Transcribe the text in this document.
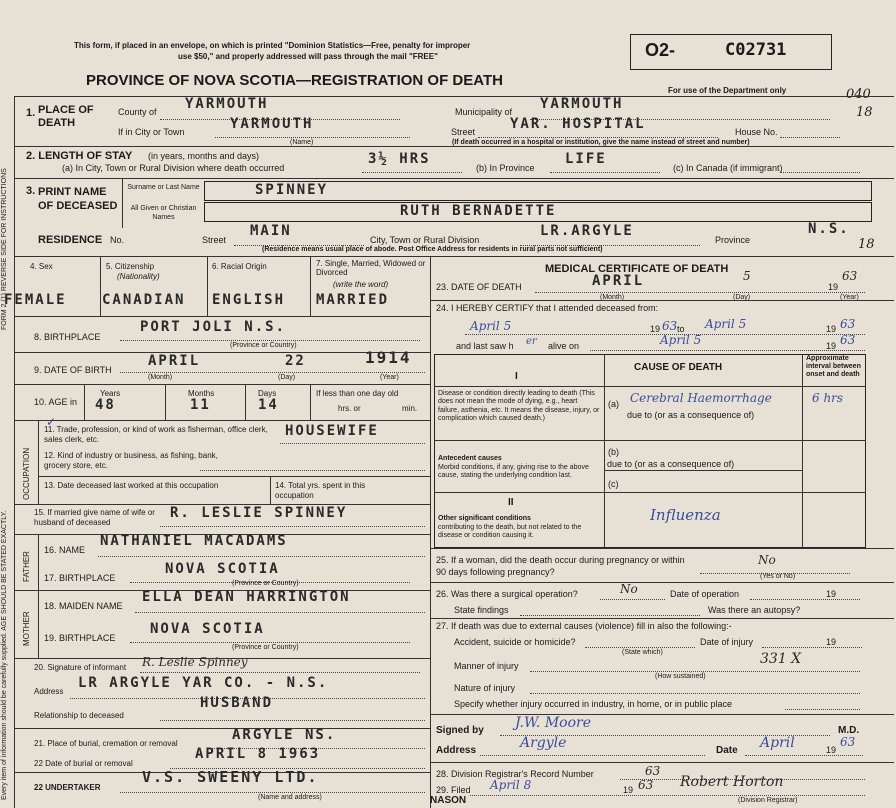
FORM 2 (1) REVERSE SIDE FOR INSTRUCTIONS
Every item of information should be carefully supplied. AGE SHOULD BE STATED EXACTLY.
This form, if placed in an envelope, on which is printed "Dominion Statistics—Free, penalty for improper
use $50," and properly addressed will pass through the mail "FREE"
PROVINCE OF NOVA SCOTIA—REGISTRATION OF DEATH
O2-	C02731
For use of the Department only	040
18
18
1. PLACE OF DEATH
County of YARMOUTH	Municipality of YARMOUTH
If in City or Town	YARMOUTH
(Name)
Street YAR. HOSPITAL	House No.
(If death occurred in a hospital or institution, give the name instead of street and number)
2. LENGTH OF STAY (in years, months and days)
(a) In City, Town or Rural Division where death occurred
3½ HRS
(b) In Province
LIFE
(c) In Canada (if immigrant)
3. PRINT NAME OF DECEASED
Surname or Last Name	SPINNEY
All Given or Christian Names	RUTH BERNADETTE
RESIDENCE No.	Street
MAIN
City, Town or Rural Division
LR.ARGYLE
Province
N.S.
(Residence means usual place of abode. Post Office Address for residents in rural parts not sufficient)
4. Sex	5. Citizenship
(Nationality)
6. Racial Origin	7. Single, Married, Widowed or Divorced
(write the word)
FEMALE	CANADIAN ENGLISH MARRIED
8. BIRTHPLACE
PORT JOLI N.S.
(Province or Country)
9. DATE OF BIRTH
APRIL	22	1914
(Month)	(Day)	(Year)
10. AGE in
✓
Years
48
Months
11
Days
14
If less than one day old
hrs. or	min.
OCCUPATION
11. Trade, profession, or kind of work as fisherman, office clerk, sales clerk, etc.
HOUSEWIFE
12. Kind of industry or business, as fishing, bank, grocery store, etc.
13. Date deceased last worked at this occupation	14. Total yrs. spent in this occupation
15. If married give name of wife or husband of deceased
R. LESLIE SPINNEY
FATHER
16. NAME
NATHANIEL MACADAMS
17. BIRTHPLACE
NOVA SCOTIA
(Province or Country)
MOTHER
18. MAIDEN NAME
ELLA DEAN HARRINGTON
19. BIRTHPLACE
NOVA SCOTIA
(Province or Country)
20. Signature of informant R. Leslie Spinney
Address
LR ARGYLE YAR CO. - N.S.
Relationship to deceased
HUSBAND
21. Place of burial, cremation or removal
ARGYLE NS.
22 Date of burial or removal
APRIL 8 1963
22 UNDERTAKER
V.S. SWEENY LTD.
(Name and address)	NASON
MEDICAL CERTIFICATE OF DEATH
23. DATE OF DEATH	APRIL	5
19
63
(Month)	(Day)	(Year)
24. I HEREBY CERTIFY that I attended deceased from:
April 5	19 63 to April 5	19 63
and last saw h er alive on	April 5	19 63
CAUSE OF DEATH
Approximate interval between onset and death
I
Disease or condition directly leading to death (This does not mean the mode of dying, e.g., heart failure, asthenia, etc. It means the disease, injury, or complication which caused death.)
(a) Cerebral Haemorrhage	6 hrs
due to (or as a consequence of)
Antecedent causes
Morbid conditions, if any, giving rise to the above cause, stating the underlying condition last.
(b)
due to (or as a consequence of)
(c)
II
Other significant conditions
contributing to the death, but not related to the disease or condition causing it.
Influenza
25. If a woman, did the death occur during pregnancy or within 90 days following pregnancy?
No
(Yes or No)
26. Was there a surgical operation?	No	Date of operation	19
State findings	Was there an autopsy?
27. If death was due to external causes (violence) fill in also the following:-
Accident, suicide or homicide?	Date of injury	19
(State which)
Manner of injury	331 X
(How sustained)
Nature of injury
Specify whether injury occurred in industry, in home, or in public place
Signed by J.W. Moore	M.D.
Address	Argyle	Date April	19
63
28. Division Registrar's Record Number	63
29. Filed April 8	19 63 Robert Horton
(Division Registrar)
